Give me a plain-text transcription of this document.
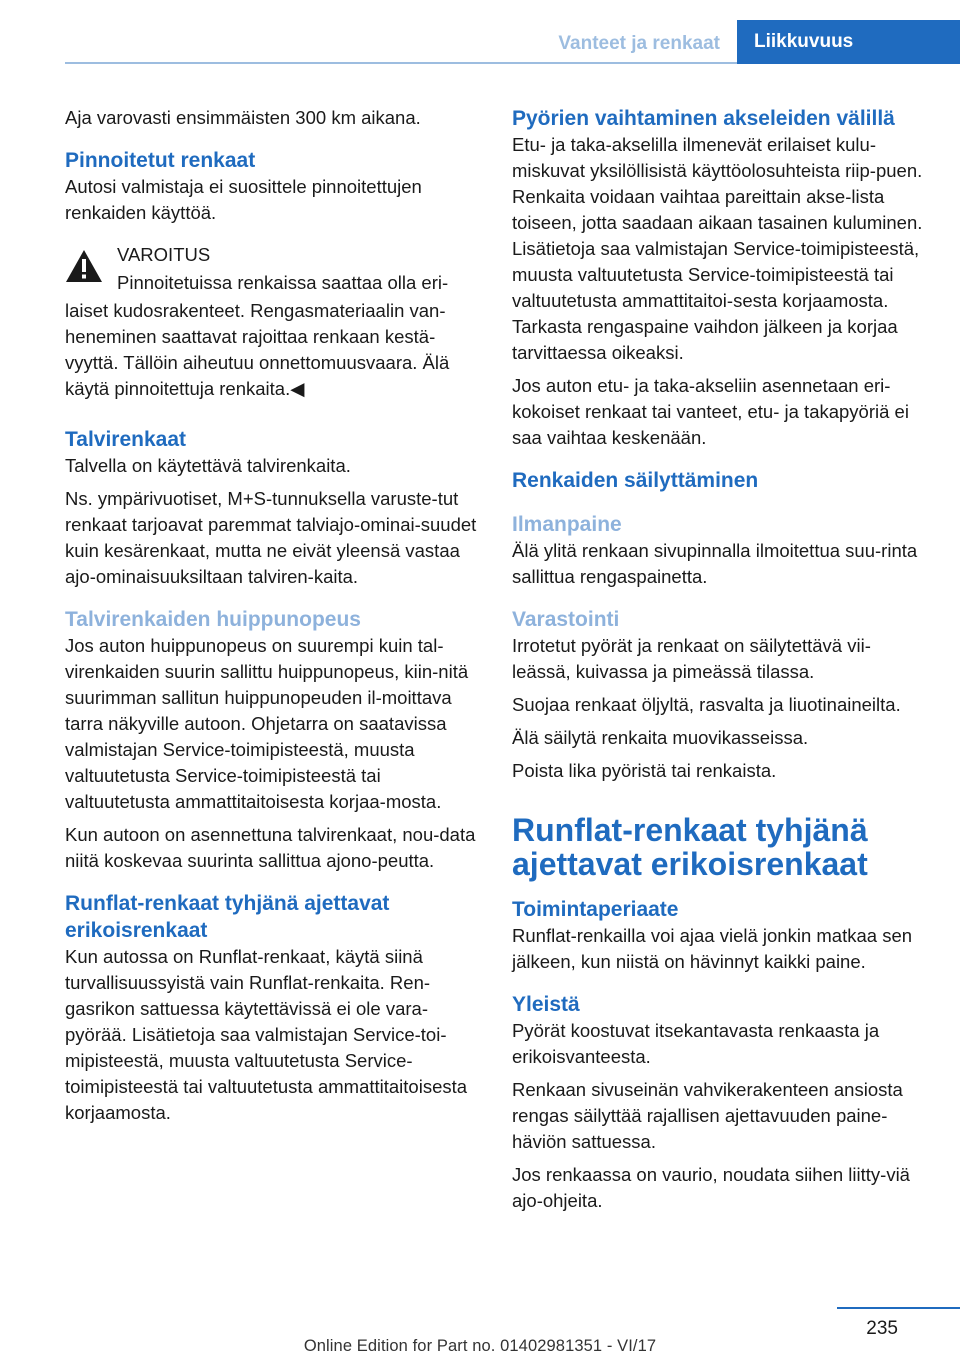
Vanteet ja renkaat	Liikkuvuus

Aja varovasti ensimmäisten 300 km aikana.

Pinnoitetut renkaat

Autosi valmistaja ei suosittele pinnoitettujen renkaiden käyttöä.

VAROITUS

Pinnoitetuissa renkaissa saattaa olla eri‐

laiset kudosrakenteet. Rengasmateriaalin van‐heneminen saattavat rajoittaa renkaan kestä‐vyyttä. Tällöin aiheutuu onnettomuusvaara. Älä käytä pinnoitettuja renkaita.◀

Talvirenkaat

Talvella on käytettävä talvirenkaita.

Ns. ympärivuotiset, M+S-tunnuksella varuste‐tut renkaat tarjoavat paremmat talviajo-ominai‐suudet kuin kesärenkaat, mutta ne eivät yleensä vastaa ajo-ominaisuuksiltaan talviren‐kaita.

Talvirenkaiden huippunopeus

Jos auton huippunopeus on suurempi kuin tal‐virenkaiden suurin sallittu huippunopeus, kiin‐nitä suurimman sallitun huippunopeuden il‐moittava tarra näkyville autoon. Ohjetarra on saatavissa valmistajan Service-toimipisteestä, muusta valtuutetusta Service-toimipisteestä tai valtuutetusta ammattitaitoisesta korjaa‐mosta.

Kun autoon on asennettuna talvirenkaat, nou‐data niitä koskevaa suurinta sallittua ajono‐peutta.

Runflat-renkaat tyhjänä ajettavat erikoisrenkaat

Kun autossa on Runflat-renkaat, käytä siinä turvallisuussyistä vain Runflat-renkaita. Ren‐gasrikon sattuessa käytettävissä ei ole vara‐pyörää. Lisätietoja saa valmistajan Service-toi‐mipisteestä, muusta valtuutetusta Service-toimipisteestä tai valtuutetusta ammattitaitoisesta korjaamosta.

Pyörien vaihtaminen akseleiden välillä

Etu- ja taka-akselilla ilmenevät erilaiset kulu‐miskuvat yksilöllisistä käyttöolosuhteista riip‐puen. Renkaita voidaan vaihtaa pareittain akse‐lista toiseen, jotta saadaan aikaan tasainen kuluminen. Lisätietoja saa valmistajan Service-toimipisteestä, muusta valtuutetusta Service-toimipisteestä tai valtuutetusta ammattitaitoi‐sesta korjaamosta. Tarkasta rengaspaine vaihdon jälkeen ja korjaa tarvittaessa oikeaksi.

Jos auton etu- ja taka-akseliin asennetaan eri‐kokoiset renkaat tai vanteet, etu- ja takapyöriä ei saa vaihtaa keskenään.

Renkaiden säilyttäminen
Ilmanpaine

Älä ylitä renkaan sivupinnalla ilmoitettua suu‐rinta sallittua rengaspainetta.

Varastointi

Irrotetut pyörät ja renkaat on säilytettävä vii‐leässä, kuivassa ja pimeässä tilassa.

Suojaa renkaat öljyltä, rasvalta ja liuotinaineilta.

Älä säilytä renkaita muovikasseissa.

Poista lika pyöristä tai renkaista.

Runflat-renkaat tyhjänä ajettavat erikoisrenkaat
Toimintaperiaate

Runflat-renkailla voi ajaa vielä jonkin matkaa sen jälkeen, kun niistä on hävinnyt kaikki paine.

Yleistä

Pyörät koostuvat itsekantavasta renkaasta ja erikoisvanteesta.

Renkaan sivuseinän vahvikerakenteen ansiosta rengas säilyttää rajallisen ajettavuuden paine‐häviön sattuessa.

Jos renkaassa on vaurio, noudata siihen liitty‐viä ajo-ohjeita.

235
Online Edition for Part no. 01402981351 - VI/17
